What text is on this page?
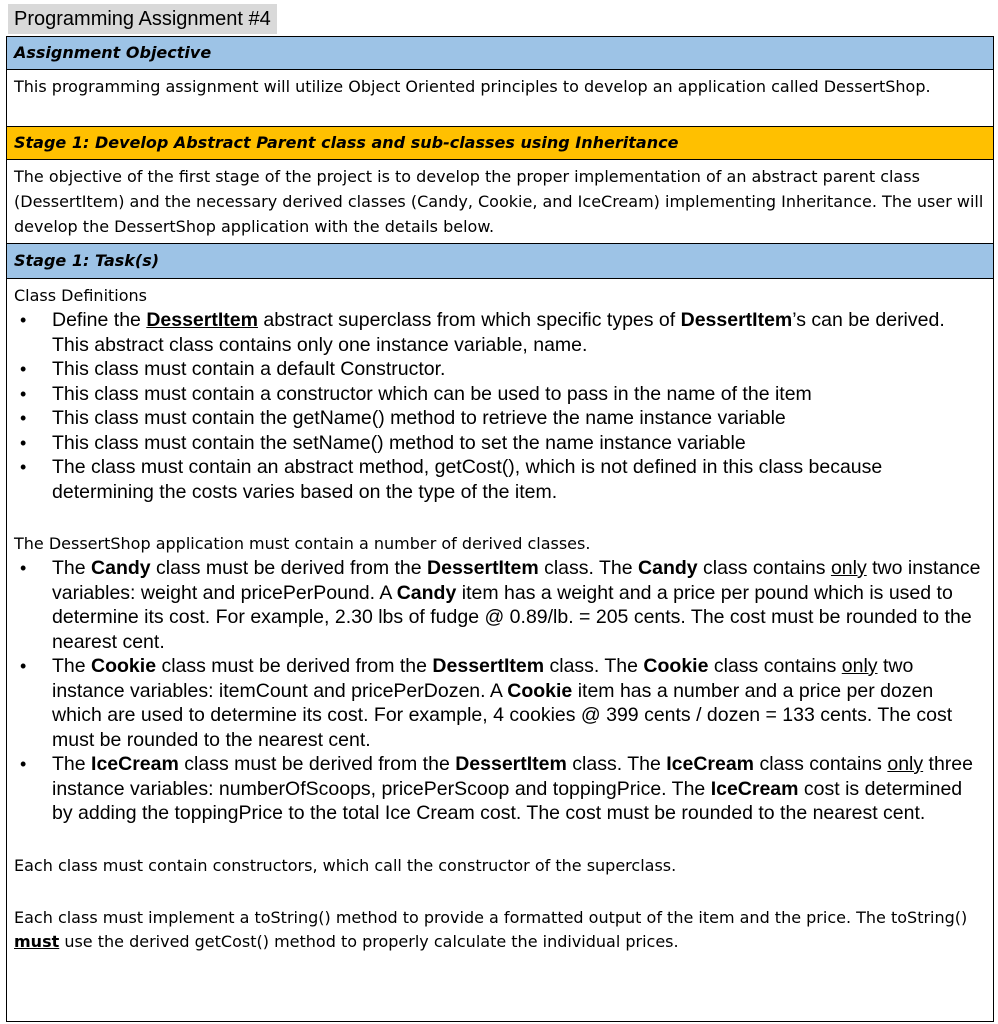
Programming Assignment #4
Assignment Objective
This programming assignment will utilize Object Oriented principles to develop an application called DessertShop.
Stage 1: Develop Abstract Parent class and sub-classes using Inheritance
The objective of the first stage of the project is to develop the proper implementation of an abstract parent class (DessertItem) and the necessary derived classes (Candy, Cookie, and IceCream) implementing Inheritance. The user will develop the DessertShop application with the details below.
Stage 1: Task(s)
Class Definitions
• Define the DessertItem abstract superclass from which specific types of DessertItem’s can be derived. This abstract class contains only one instance variable, name.
• This class must contain a default Constructor.
• This class must contain a constructor which can be used to pass in the name of the item
• This class must contain the getName() method to retrieve the name instance variable
• This class must contain the setName() method to set the name instance variable
• The class must contain an abstract method, getCost(), which is not defined in this class because determining the costs varies based on the type of the item.
The DessertShop application must contain a number of derived classes.
• The Candy class must be derived from the DessertItem class. The Candy class contains only two instance variables: weight and pricePerPound. A Candy item has a weight and a price per pound which is used to determine its cost. For example, 2.30 lbs of fudge @ 0.89/lb. = 205 cents. The cost must be rounded to the nearest cent.
• The Cookie class must be derived from the DessertItem class. The Cookie class contains only two instance variables: itemCount and pricePerDozen. A Cookie item has a number and a price per dozen which are used to determine its cost. For example, 4 cookies @ 399 cents / dozen = 133 cents. The cost must be rounded to the nearest cent.
• The IceCream class must be derived from the DessertItem class. The IceCream class contains only three instance variables: numberOfScoops, pricePerScoop and toppingPrice. The IceCream cost is determined by adding the toppingPrice to the total Ice Cream cost. The cost must be rounded to the nearest cent.
Each class must contain constructors, which call the constructor of the superclass.
Each class must implement a toString() method to provide a formatted output of the item and the price. The toString() must use the derived getCost() method to properly calculate the individual prices.
